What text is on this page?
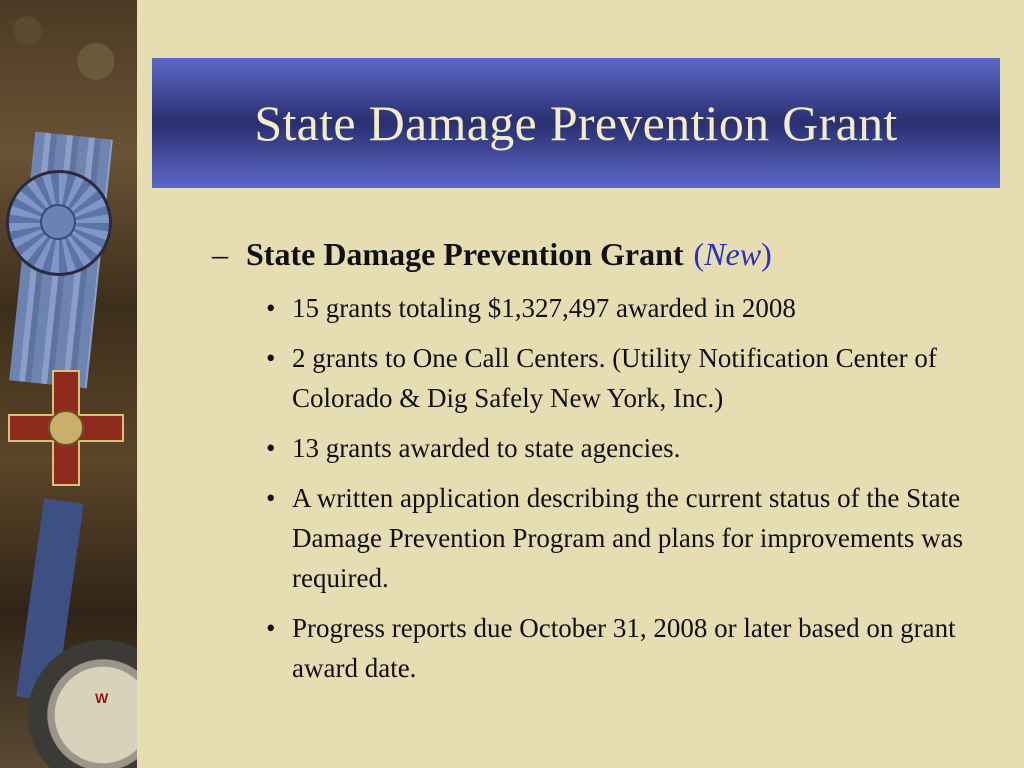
W
State Damage Prevention Grant
– State Damage Prevention Grant (New)
• 15 grants totaling $1,327,497 awarded in 2008
• 2 grants to One Call Centers. (Utility Notification Center of Colorado & Dig Safely New York, Inc.)
• 13 grants awarded to state agencies.
• A written application describing the current status of the State Damage Prevention Program and plans for improvements was required.
• Progress reports due October 31, 2008 or later based on grant award date.
